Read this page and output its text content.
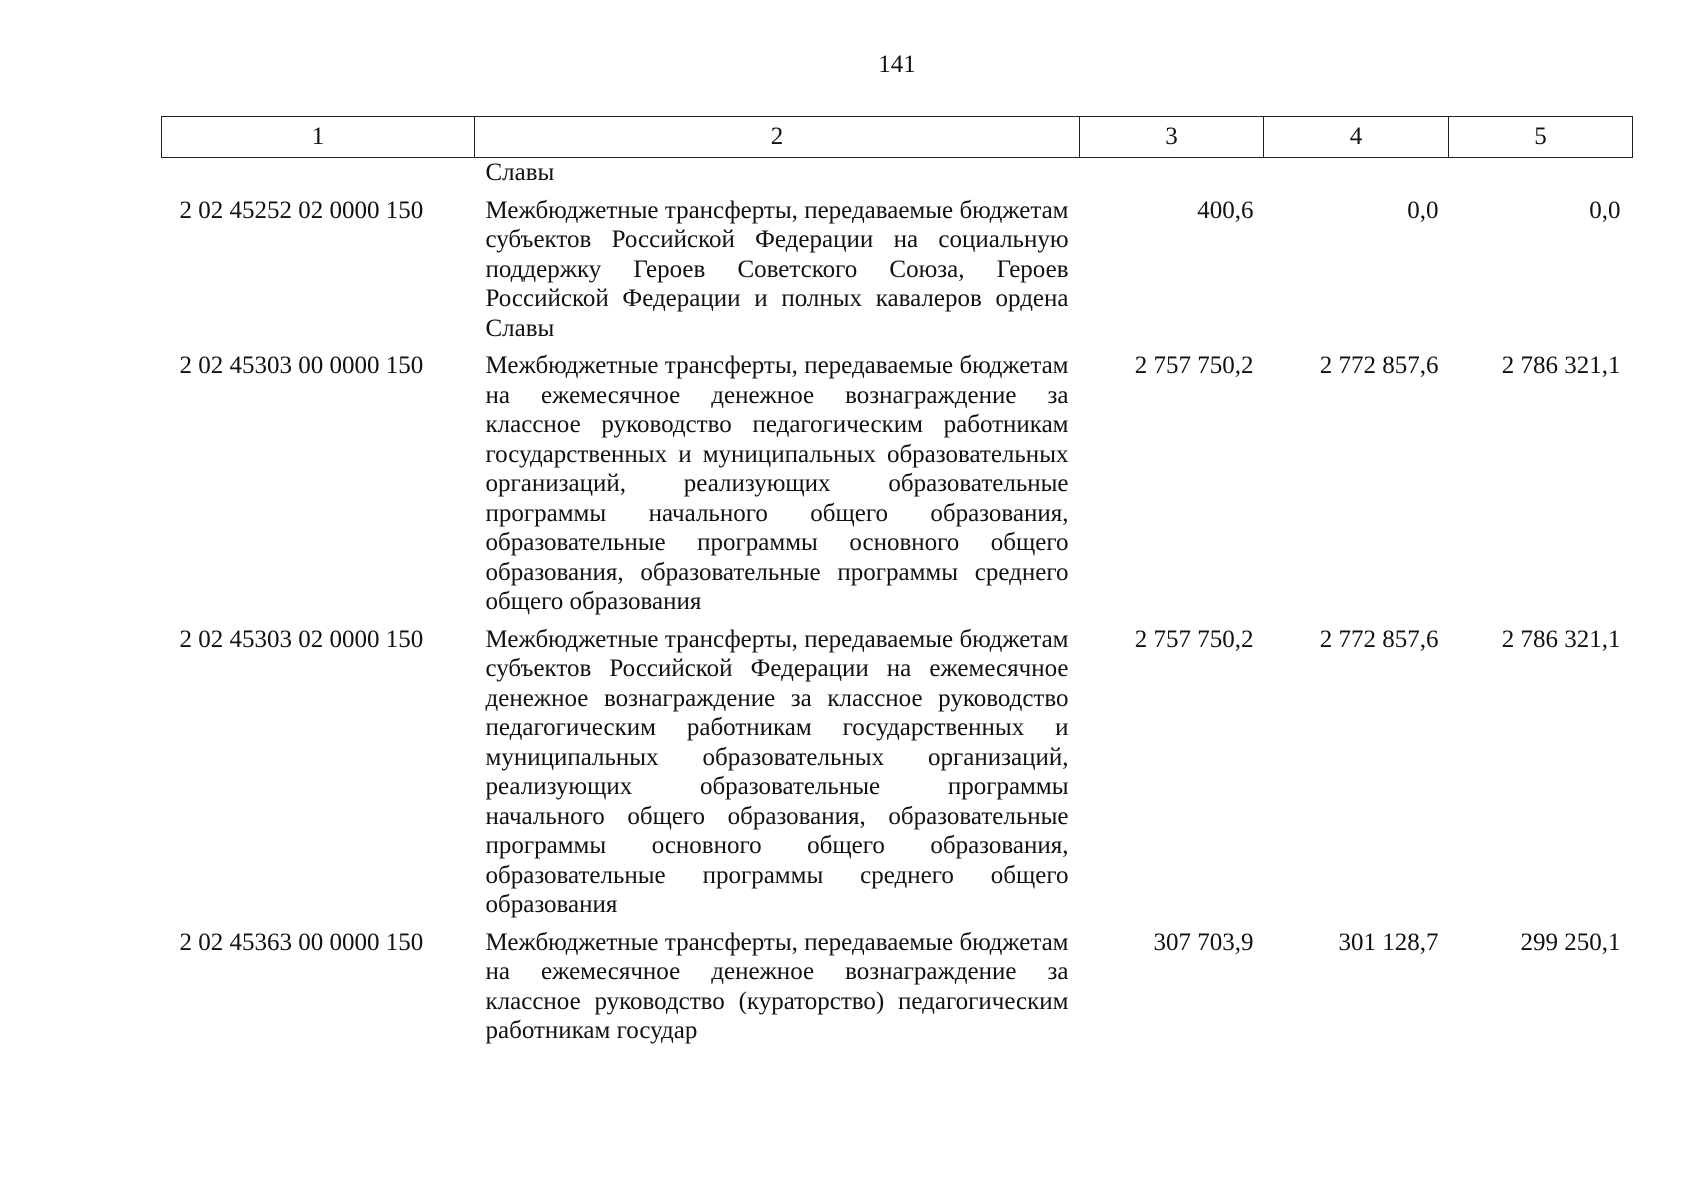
141
1	2	3	4	5
	Славы			
2 02 45252 02 0000 150	Межбюджетные трансферты, передаваемые бюджетам субъектов Российской Федерации на социальную поддержку Героев Советского Союза, Героев Российской Федерации и полных кавалеров ордена Славы	400,6	0,0	0,0
2 02 45303 00 0000 150	Межбюджетные трансферты, передаваемые бюджетам на ежемесячное денежное вознаграждение за классное руководство педагогическим работникам государственных и муниципальных образовательных организаций, реализующих образовательные программы начального общего образования, образовательные программы основного общего образования, образовательные программы среднего общего образования	2 757 750,2	2 772 857,6	2 786 321,1
2 02 45303 02 0000 150	Межбюджетные трансферты, передаваемые бюджетам субъектов Российской Федерации на ежемесячное денежное вознаграждение за классное руководство педагогическим работникам государственных и муниципальных образовательных организаций, реализующих образовательные программы начального общего образования, образовательные программы основного общего образования, образовательные программы среднего общего образования	2 757 750,2	2 772 857,6	2 786 321,1
2 02 45363 00 0000 150	Межбюджетные трансферты, передаваемые бюджетам на ежемесячное денежное вознаграждение за классное руководство (кураторство) педагогическим работникам государ	307 703,9	301 128,7	299 250,1
